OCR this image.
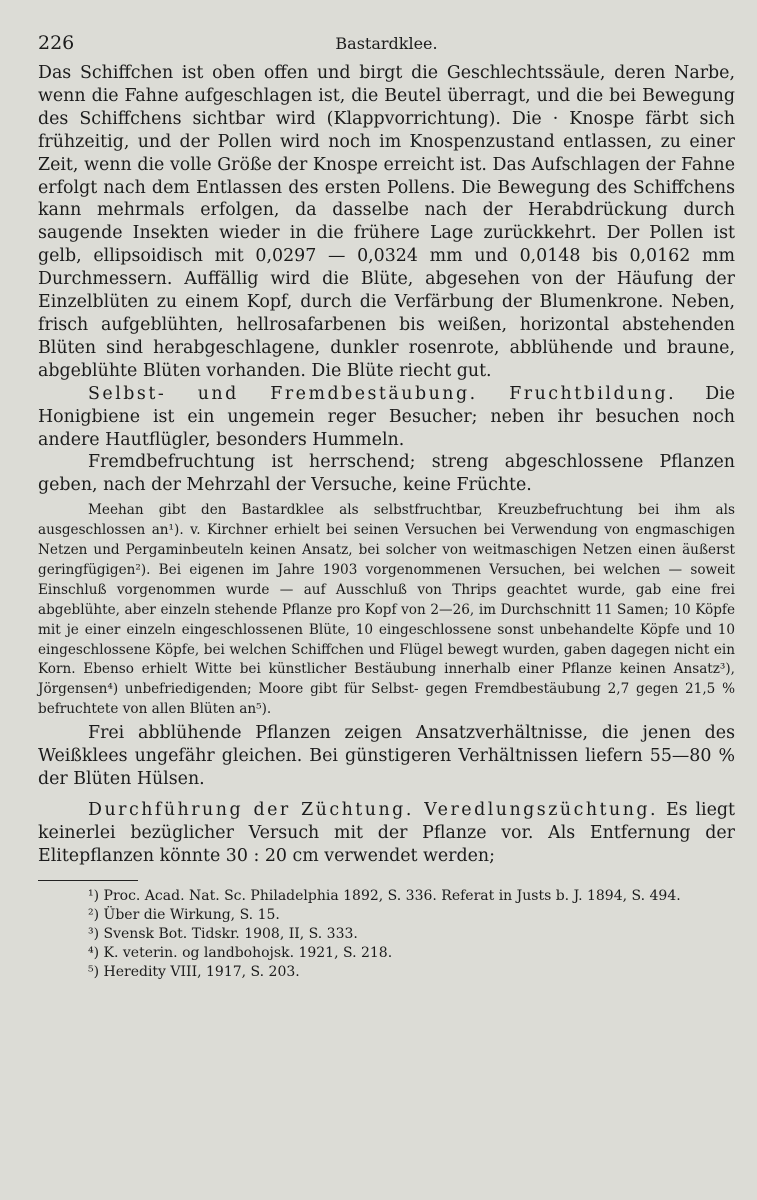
226	Bastardklee.

Das Schiffchen ist oben offen und birgt die Geschlechtssäule, deren Narbe, wenn die Fahne aufgeschlagen ist, die Beutel überragt, und die bei Bewegung des Schiffchens sichtbar wird (Klappvorrichtung). Die · Knospe färbt sich frühzeitig, und der Pollen wird noch im Knospenzustand entlassen, zu einer Zeit, wenn die volle Größe der Knospe erreicht ist. Das Aufschlagen der Fahne erfolgt nach dem Entlassen des ersten Pollens. Die Bewegung des Schiffchens kann mehrmals erfolgen, da dasselbe nach der Herabdrückung durch saugende Insekten wieder in die frühere Lage zurückkehrt. Der Pollen ist gelb, ellipsoidisch mit 0,0297 — 0,0324 mm und 0,0148 bis 0,0162 mm Durchmessern. Auffällig wird die Blüte, abgesehen von der Häufung der Einzelblüten zu einem Kopf, durch die Verfärbung der Blumenkrone. Neben, frisch aufgeblühten, hellrosafarbenen bis weißen, horizontal abstehenden Blüten sind herabgeschlagene, dunkler rosenrote, abblühende und braune, abgeblühte Blüten vorhanden. Die Blüte riecht gut.

Selbst- und Fremdbestäubung. Fruchtbildung. Die Honigbiene ist ein ungemein reger Besucher; neben ihr besuchen noch andere Hautflügler, besonders Hummeln.

Fremdbefruchtung ist herrschend; streng abgeschlossene Pflanzen geben, nach der Mehrzahl der Versuche, keine Früchte.

Meehan gibt den Bastardklee als selbstfruchtbar, Kreuzbefruchtung bei ihm als ausgeschlossen an¹). v. Kirchner erhielt bei seinen Versuchen bei Verwendung von engmaschigen Netzen und Pergaminbeuteln keinen Ansatz, bei solcher von weitmaschigen Netzen einen äußerst geringfügigen²). Bei eigenen im Jahre 1903 vorgenommenen Versuchen, bei welchen — soweit Einschluß vorgenommen wurde — auf Ausschluß von Thrips geachtet wurde, gab eine frei abgeblühte, aber einzeln stehende Pflanze pro Kopf von 2—26, im Durchschnitt 11 Samen; 10 Köpfe mit je einer einzeln eingeschlossenen Blüte, 10 eingeschlossene sonst unbehandelte Köpfe und 10 eingeschlossene Köpfe, bei welchen Schiffchen und Flügel bewegt wurden, gaben dagegen nicht ein Korn. Ebenso erhielt Witte bei künstlicher Bestäubung innerhalb einer Pflanze keinen Ansatz³), Jörgensen⁴) unbefriedigenden; Moore gibt für Selbst- gegen Fremdbestäubung 2,7 gegen 21,5 % befruchtete von allen Blüten an⁵).

Frei abblühende Pflanzen zeigen Ansatzverhältnisse, die jenen des Weißklees ungefähr gleichen. Bei günstigeren Verhältnissen liefern 55—80 % der Blüten Hülsen.

Durchführung der Züchtung. Veredlungszüchtung. Es liegt keinerlei bezüglicher Versuch mit der Pflanze vor. Als Entfernung der Elitepflanzen könnte 30 : 20 cm verwendet werden;

¹) Proc. Acad. Nat. Sc. Philadelphia 1892, S. 336. Referat in Justs b. J. 1894, S. 494.

²) Über die Wirkung, S. 15.

³) Svensk Bot. Tidskr. 1908, II, S. 333.

⁴) K. veterin. og landbohojsk. 1921, S. 218.

⁵) Heredity VIII, 1917, S. 203.
